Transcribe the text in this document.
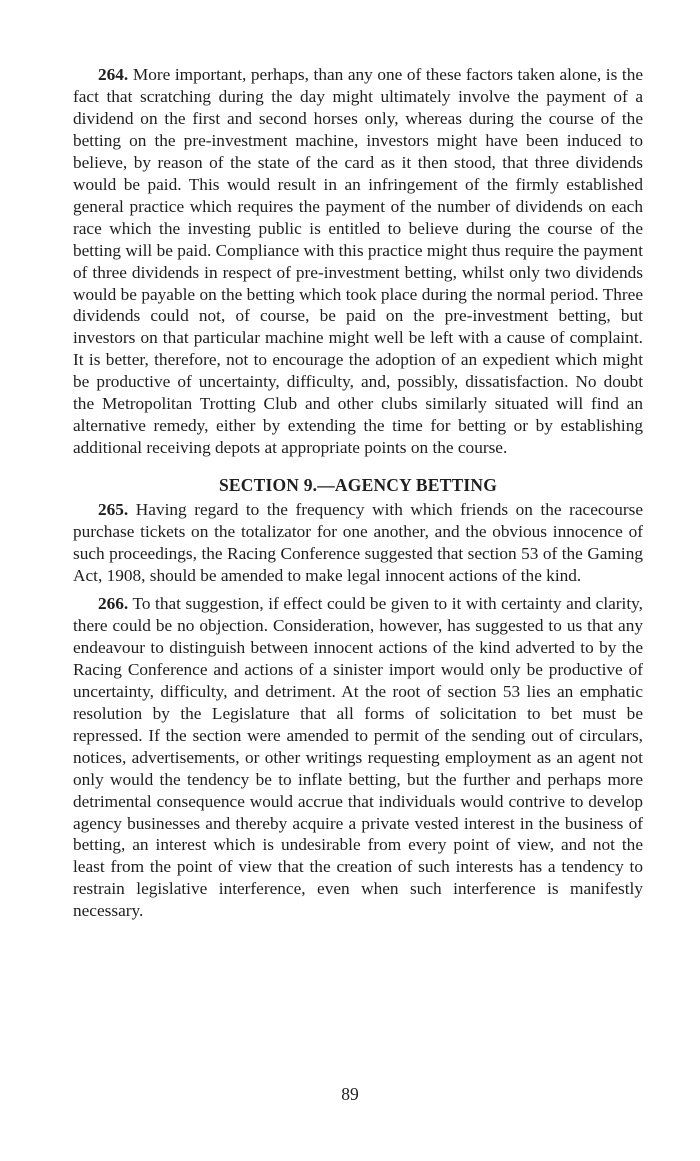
264. More important, perhaps, than any one of these factors taken alone, is the fact that scratching during the day might ultimately involve the payment of a dividend on the first and second horses only, whereas during the course of the betting on the pre-investment machine, investors might have been induced to believe, by reason of the state of the card as it then stood, that three dividends would be paid. This would result in an infringement of the firmly established general practice which requires the payment of the number of dividends on each race which the investing public is entitled to believe during the course of the betting will be paid. Compliance with this practice might thus require the payment of three dividends in respect of pre-investment betting, whilst only two dividends would be payable on the betting which took place during the normal period. Three dividends could not, of course, be paid on the pre-investment betting, but investors on that particular machine might well be left with a cause of complaint. It is better, therefore, not to encourage the adoption of an expedient which might be productive of uncertainty, difficulty, and, possibly, dissatisfaction. No doubt the Metropolitan Trotting Club and other clubs similarly situated will find an alternative remedy, either by extending the time for betting or by establishing additional receiving depots at appropriate points on the course.

SECTION 9.—AGENCY BETTING

265. Having regard to the frequency with which friends on the racecourse purchase tickets on the totalizator for one another, and the obvious innocence of such proceedings, the Racing Conference suggested that section 53 of the Gaming Act, 1908, should be amended to make legal innocent actions of the kind.

266. To that suggestion, if effect could be given to it with certainty and clarity, there could be no objection. Consideration, however, has suggested to us that any endeavour to distinguish between innocent actions of the kind adverted to by the Racing Conference and actions of a sinister import would only be productive of uncertainty, difficulty, and detriment. At the root of section 53 lies an emphatic resolution by the Legislature that all forms of solicitation to bet must be repressed. If the section were amended to permit of the sending out of circulars, notices, advertisements, or other writings requesting employment as an agent not only would the tendency be to inflate betting, but the further and perhaps more detrimental consequence would accrue that individuals would contrive to develop agency businesses and thereby acquire a private vested interest in the business of betting, an interest which is undesirable from every point of view, and not the least from the point of view that the creation of such interests has a tendency to restrain legislative interference, even when such interference is manifestly necessary.

89
